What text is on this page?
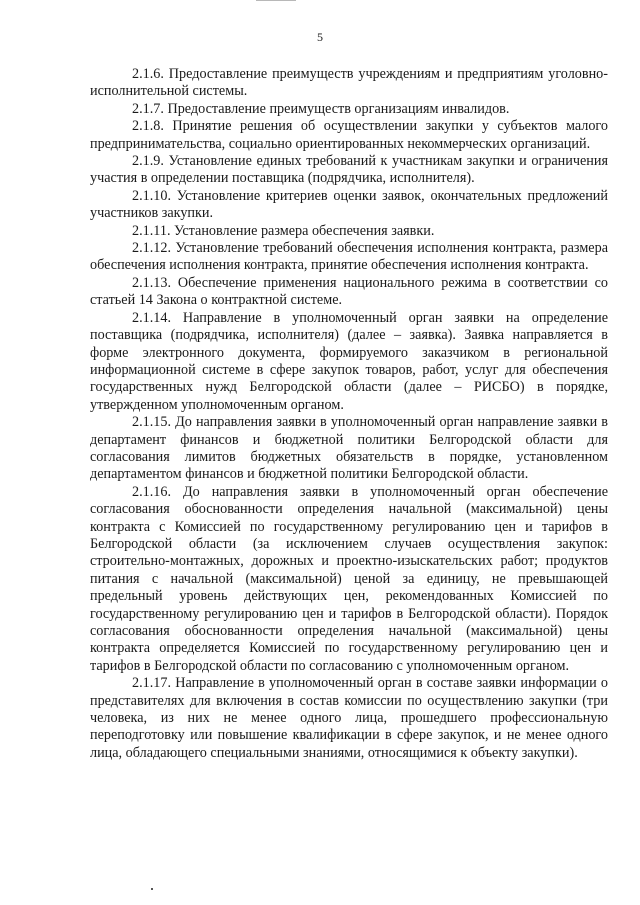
5

2.1.6. Предоставление преимуществ учреждениям и предприятиям уголовно-исполнительной системы.

2.1.7. Предоставление преимуществ организациям инвалидов.

2.1.8. Принятие решения об осуществлении закупки у субъектов малого предпринимательства, социально ориентированных некоммерческих организаций.

2.1.9. Установление единых требований к участникам закупки и ограничения участия в определении поставщика (подрядчика, исполнителя).

2.1.10. Установление критериев оценки заявок, окончательных предложений участников закупки.

2.1.11. Установление размера обеспечения заявки.

2.1.12. Установление требований обеспечения исполнения контракта, размера обеспечения исполнения контракта, принятие обеспечения исполнения контракта.

2.1.13. Обеспечение применения национального режима в соответствии со статьей 14 Закона о контрактной системе.

2.1.14. Направление в уполномоченный орган заявки на определение поставщика (подрядчика, исполнителя) (далее – заявка). Заявка направляется в форме электронного документа, формируемого заказчиком в региональной информационной системе в сфере закупок товаров, работ, услуг для обеспечения государственных нужд Белгородской области (далее – РИСБО) в порядке, утвержденном уполномоченным органом.

2.1.15. До направления заявки в уполномоченный орган направление заявки в департамент финансов и бюджетной политики Белгородской области для согласования лимитов бюджетных обязательств в порядке, установленном департаментом финансов и бюджетной политики Белгородской области.

2.1.16. До направления заявки в уполномоченный орган обеспечение согласования обоснованности определения начальной (максимальной) цены контракта с Комиссией по государственному регулированию цен и тарифов в Белгородской области (за исключением случаев осуществления закупок: строительно-монтажных, дорожных и проектно-изыскательских работ; продуктов питания с начальной (максимальной) ценой за единицу, не превышающей предельный уровень действующих цен, рекомендованных Комиссией по государственному регулированию цен и тарифов в Белгородской области). Порядок согласования обоснованности определения начальной (максимальной) цены контракта определяется Комиссией по государственному регулированию цен и тарифов в Белгородской области по согласованию с уполномоченным органом.

2.1.17. Направление в уполномоченный орган в составе заявки информации о представителях для включения в состав комиссии по осуществлению закупки (три человека, из них не менее одного лица, прошедшего профессиональную переподготовку или повышение квалификации в сфере закупок, и не менее одного лица, обладающего специальными знаниями, относящимися к объекту закупки).
